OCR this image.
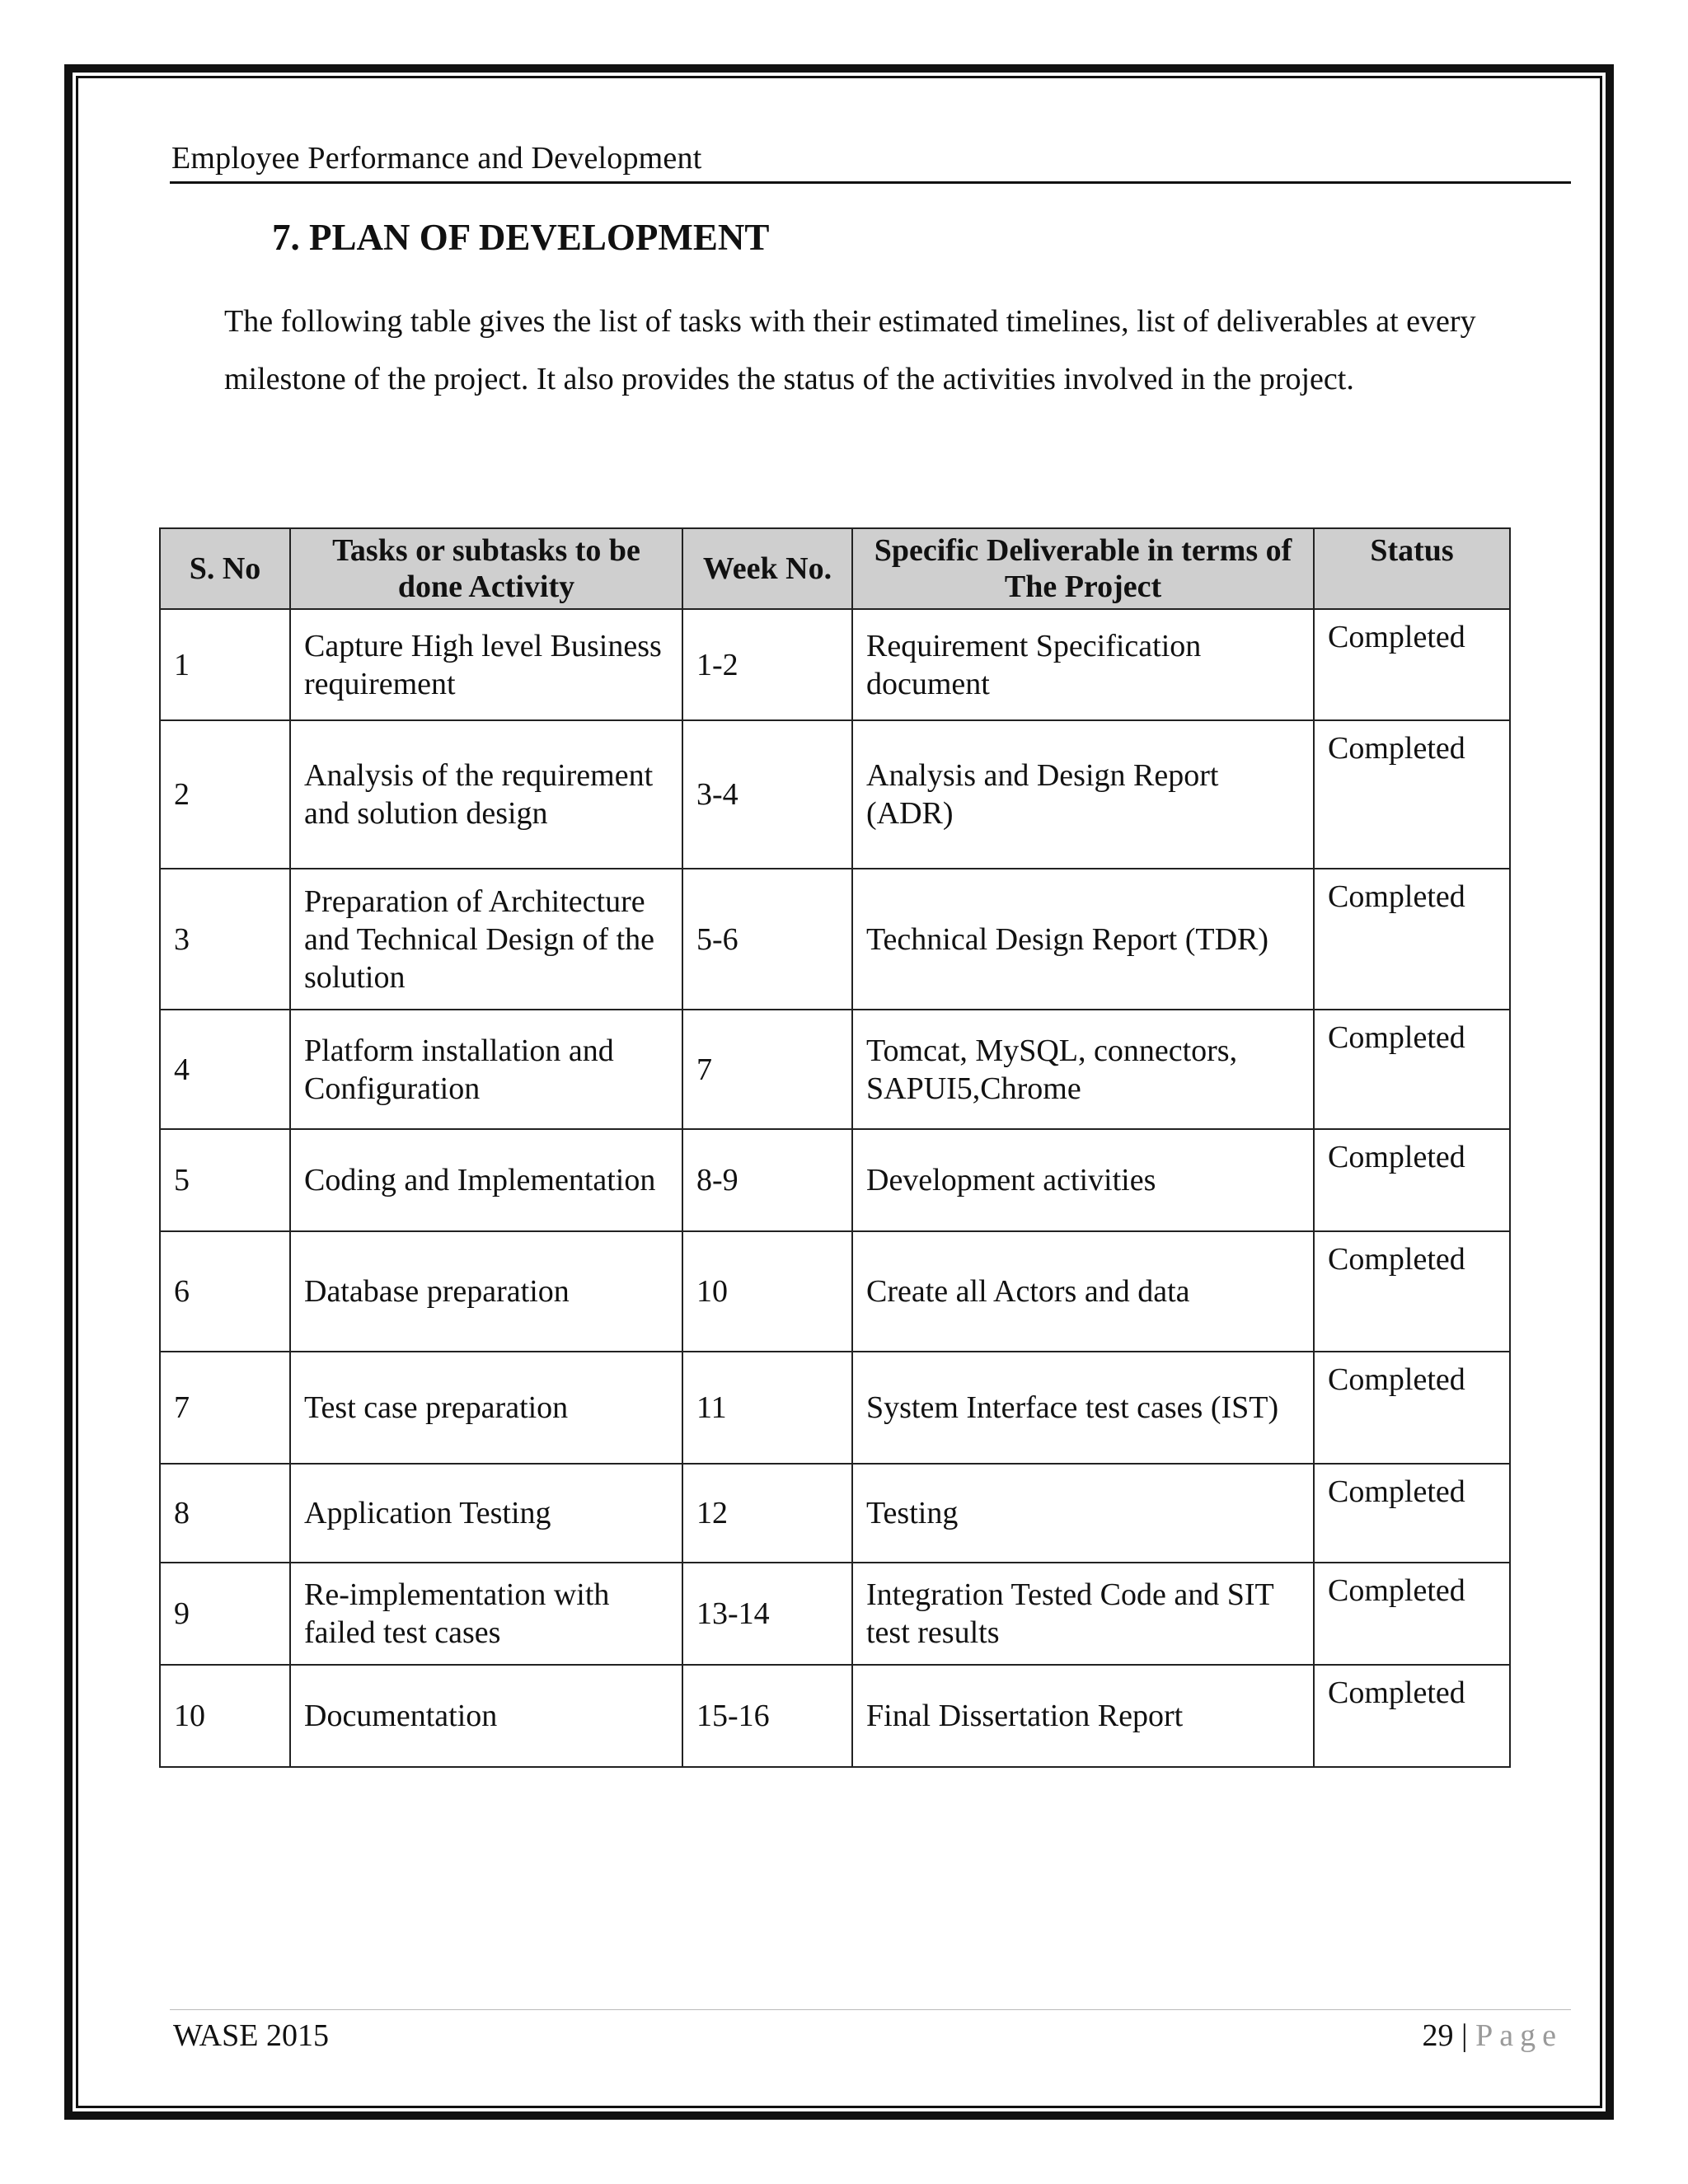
Employee Performance and Development
7. PLAN OF DEVELOPMENT

The following table gives the list of tasks with their estimated timelines, list of deliverables at every milestone of the project. It also provides the status of the activities involved in the project.

S. No	Tasks or subtasks to be done Activity	Week No.	Specific Deliverable in terms of The Project	Status
1	Capture High level Business requirement	1-2	Requirement Specification document	Completed
2	Analysis of the requirement and solution design	3-4	Analysis and Design Report (ADR)	Completed
3	Preparation of Architecture and Technical Design of the solution	5-6	Technical Design Report (TDR)	Completed
4	Platform installation and Configuration	7	Tomcat, MySQL, connectors, SAPUI5,Chrome	Completed
5	Coding and Implementation	8-9	Development activities	Completed
6	Database preparation	10	Create all Actors and data	Completed
7	Test case preparation	11	System Interface test cases (IST)	Completed
8	Application Testing	12	Testing	Completed
9	Re-implementation with failed test cases	13-14	Integration Tested Code and SIT test results	Completed
10	Documentation	15-16	Final Dissertation Report	Completed
WASE 2015	29 | Page
